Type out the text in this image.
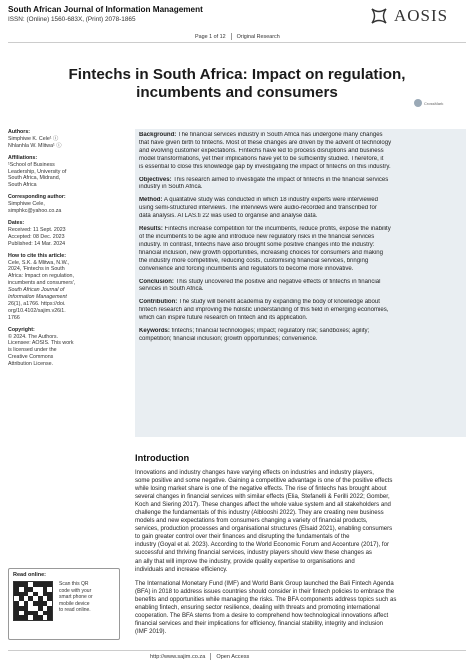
South African Journal of Information Management
ISSN: (Online) 1560-683X, (Print) 2078-1865	AOSIS
Page 1 of 12 Original Research
Fintechs in South Africa: Impact on regulation,
incumbents and consumers
CrossMark
Authors:
Simphiwe K. Cele¹ ⓘ
Nhlanhla W. Mlitwa¹ ⓘ
Affiliations:
¹School of Business
Leadership, University of
South Africa, Midrand,
South Africa
Corresponding author:
Simphiwe Cele,
simphkc@yahoo.co.za
Dates:
Received: 11 Sept. 2023
Accepted: 08 Dec. 2023
Published: 14 Mar. 2024
How to cite this article:
Cele, S.K. & Mlitwa, N.W.,
2024, 'Fintechs in South
Africa: Impact on regulation,
incumbents and consumers',
South African Journal of
Information Management
26(1), a1766. https://doi.
org/10.4102/sajim.v26i1.
1766
Copyright:
© 2024. The Authors.
Licensee: AOSIS. This work
is licensed under the
Creative Commons
Attribution License.
Background: The financial services industry in South Africa has undergone many changes
that have given birth to fintechs. Most of these changes are driven by the advent of technology
and evolving customer expectations. Fintechs have led to process disruptions and business
model transformations, yet their implications have yet to be sufficiently studied. Therefore, it
is essential to close this knowledge gap by investigating the impact of fintechs on this industry.
Objectives: This research aimed to investigate the impact of fintechs in the financial services
industry in South Africa.
Method: A qualitative study was conducted in which 18 industry experts were interviewed
using semi-structured interviews. The interviews were audio-recorded and transcribed for
data analysis. ATLAS.ti 22 was used to organise and analyse data.
Results: Fintechs increase competition for the incumbents, reduce profits, expose the inability
of the incumbents to be agile and introduce new regulatory risks in the financial services
industry. In contrast, fintechs have also brought some positive changes into the industry:
financial inclusion, new growth opportunities, increasing choices for consumers and making
the industry more competitive, reducing costs, customising financial services, bringing
convenience and forcing incumbents and regulators to become more innovative.
Conclusion: This study uncovered the positive and negative effects of fintechs in financial
services in South Africa.
Contribution: The study will benefit academia by expanding the body of knowledge about
fintech research and improving the holistic understanding of this field in emerging economies,
which can inspire future research on fintech and its application.
Keywords: fintechs; financial technologies; impact; regulatory risk; sandboxes; agility;
competition; financial inclusion; growth opportunities; convenience.
Introduction
Innovations and industry changes have varying effects on industries and industry players,
some positive and some negative. Gaining a competitive advantage is one of the positive effects
while losing market share is one of the negative effects. The rise of fintechs has brought about
several changes in financial services with similar effects (Elia, Stefanelli & Ferilli 2022; Gomber,
Koch and Siering 2017). These changes affect the whole value system and all stakeholders and
challenge the fundamentals of this industry (Alblooshi 2022). They are creating new business
models and new expectations from consumers changing a variety of financial products,
services, production processes and organisational structures (Elsaid 2021), enabling consumers
to gain greater control over their finances and disrupting the fundamentals of the
industry (Goyal et al. 2023). According to the World Economic Forum and Accenture (2017), for
successful and thriving financial services, industry players should view these changes as
an ally that will improve the industry, provide quality expertise to organisations and
individuals and increase efficiency.
The International Monetary Fund (IMF) and World Bank Group launched the Bali Fintech Agenda
(BFA) in 2018 to address issues countries should consider in their fintech policies to embrace the
benefits and opportunities while managing the risks. The BFA components address topics such as
enabling fintech, ensuring sector resilience, dealing with threats and promoting international
cooperation. The BFA stems from a desire to comprehend how technological innovations affect
financial services and their implications for efficiency, financial stability, integrity and inclusion
(IMF 2019).
Read online:
Scan this QR
code with your
smart phone or
mobile device
to read online.
http://www.sajim.co.za Open Access
